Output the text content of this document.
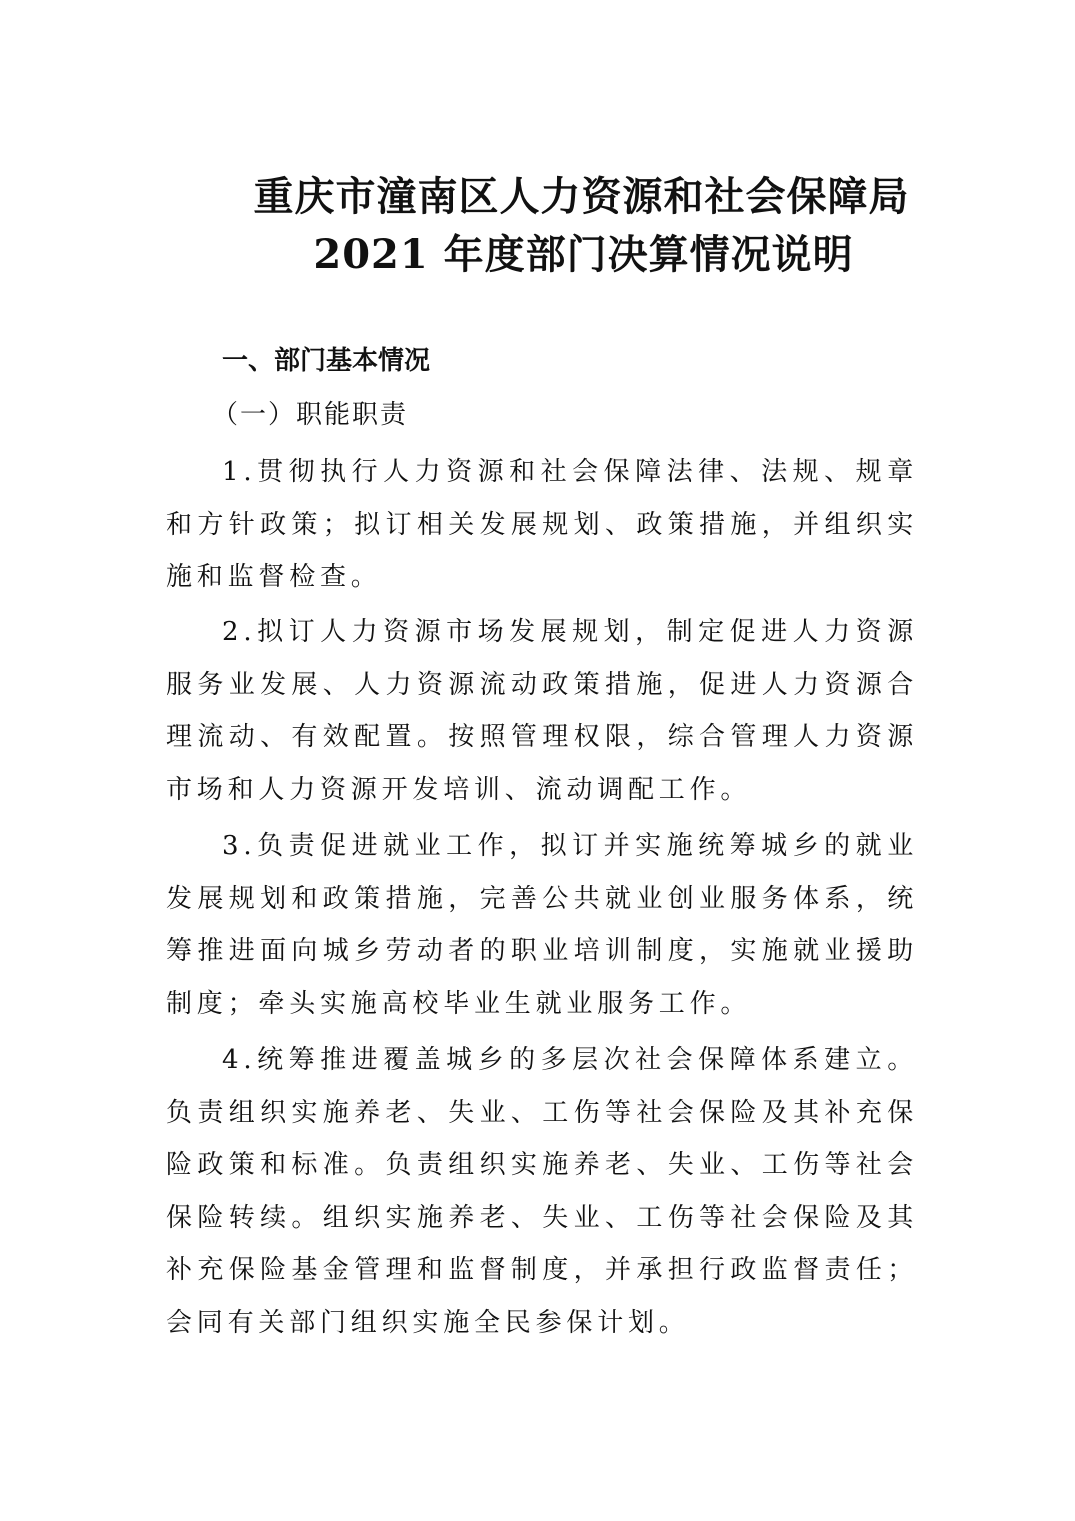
重庆市潼南区人力资源和社会保障局
2021 年度部门决算情况说明
一、部门基本情况
（一）职能职责
1.贯彻执行人力资源和社会保障法律、法规、规章和方针政策；拟订相关发展规划、政策措施，并组织实施和监督检查。
2.拟订人力资源市场发展规划，制定促进人力资源服务业发展、人力资源流动政策措施，促进人力资源合理流动、有效配置。按照管理权限，综合管理人力资源市场和人力资源开发培训、流动调配工作。
3.负责促进就业工作，拟订并实施统筹城乡的就业发展规划和政策措施，完善公共就业创业服务体系，统筹推进面向城乡劳动者的职业培训制度，实施就业援助制度；牵头实施高校毕业生就业服务工作。
4.统筹推进覆盖城乡的多层次社会保障体系建立。负责组织实施养老、失业、工伤等社会保险及其补充保险政策和标准。负责组织实施养老、失业、工伤等社会保险转续。组织实施养老、失业、工伤等社会保险及其补充保险基金管理和监督制度，并承担行政监督责任；会同有关部门组织实施全民参保计划。
